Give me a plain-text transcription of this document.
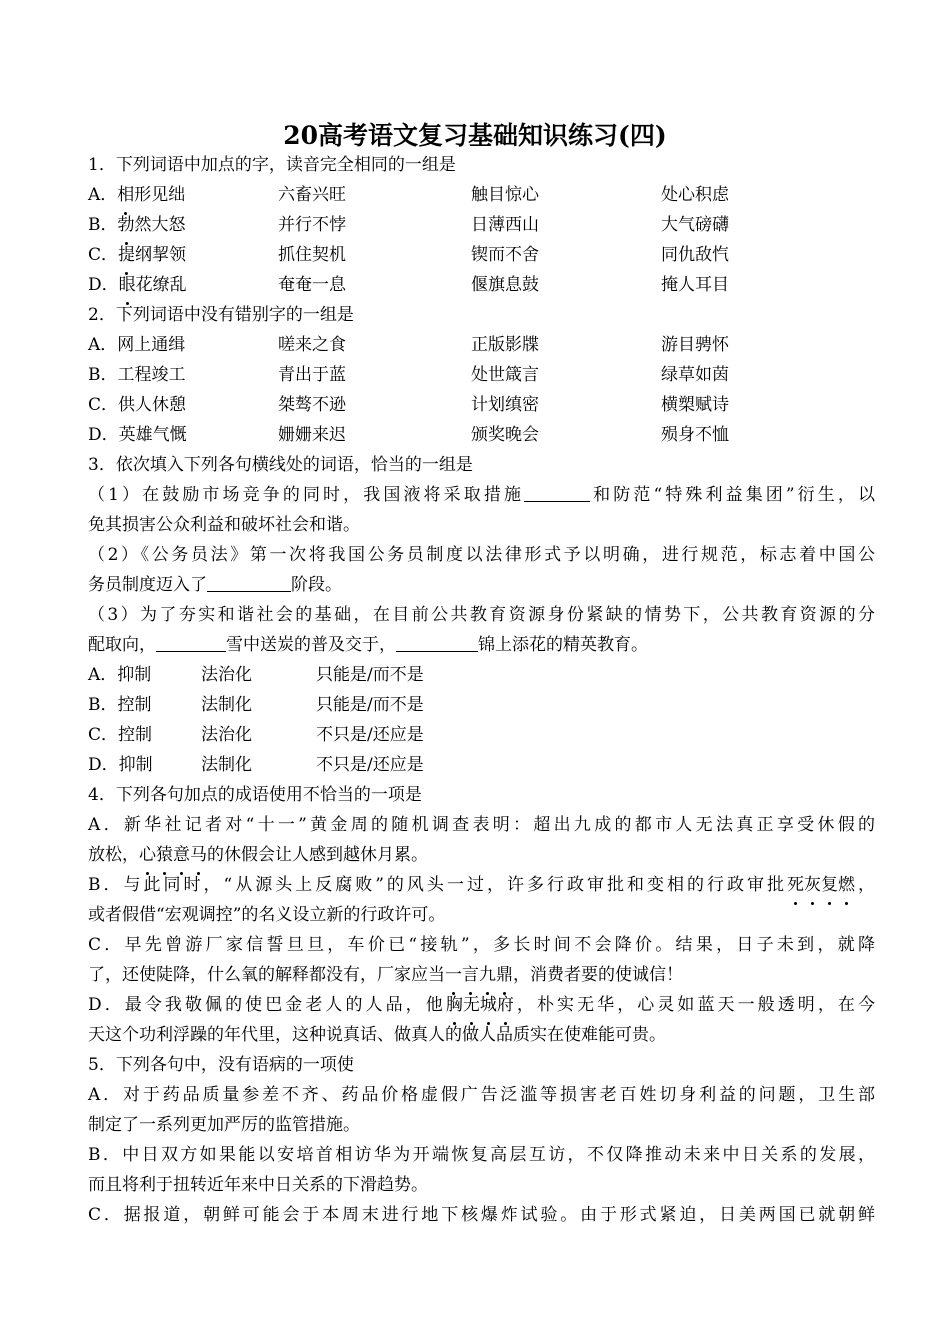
20高考语文复习基础知识练习(四)
1．下列词语中加点的字，读音完全相同的一组是
A．相形见绌	六畜兴旺	触目惊心	处心积虑
B．勃然大怒	并行不悖	日薄西山	大气磅礴
C．提纲挈领	抓住契机	锲而不舍	同仇敌忾
D．眼花缭乱	奄奄一息	偃旗息鼓	掩人耳目
2．下列词语中没有错别字的一组是
A．网上通缉	嗟来之食	正版影牒	游目骋怀
B．工程竣工	青出于蓝	处世箴言	绿草如茵
C．供人休憩	桀骜不逊	计划缜密	横槊赋诗
D．英雄气慨	姗姗来迟	颁奖晚会	殒身不恤
3．依次填入下列各句横线处的词语，恰当的一组是
（1）在鼓励市场竞争的同时，我国液将采取措施	和防范“特殊利益集团”衍生，以
免其损害公众利益和破坏社会和谐。
（2）《公务员法》第一次将我国公务员制度以法律形式予以明确，进行规范，标志着中国公
务员制度迈入了	阶段。
（3）为了夯实和谐社会的基础，在目前公共教育资源身份紧缺的情势下，公共教育资源的分
配取向，	雪中送炭的普及交于，	锦上添花的精英教育。
A．抑制	法治化	只能是/而不是
B．控制	法制化	只能是/而不是
C．控制	法治化	不只是/还应是
D．抑制	法制化	不只是/还应是
4．下列各句加点的成语使用不恰当的一项是
A．新华社记者对“十一”黄金周的随机调查表明：超出九成的都市人无法真正享受休假的
放松，心猿意马的休假会让人感到越休月累。
B．与此同时，“从源头上反腐败”的风头一过，许多行政审批和变相的行政审批死灰复燃，
或者假借“宏观调控”的名义设立新的行政许可。
C．早先曾游厂家信誓旦旦，车价已“接轨”，多长时间不会降价。结果，日子未到，就降
了，还使陡降，什么氧的解释都没有，厂家应当一言九鼎，消费者要的使诚信！
D．最令我敬佩的使巴金老人的人品，他胸无城府，朴实无华，心灵如蓝天一般透明，在今
天这个功利浮躁的年代里，这种说真话、做真人的做人品质实在使难能可贵。
5．下列各句中，没有语病的一项使
A．对于药品质量参差不齐、药品价格虚假广告泛滥等损害老百姓切身利益的问题，卫生部
制定了一系列更加严厉的监管措施。
B．中日双方如果能以安培首相访华为开端恢复高层互访，不仅降推动未来中日关系的发展，
而且将利于扭转近年来中日关系的下滑趋势。
C．据报道，朝鲜可能会于本周末进行地下核爆炸试验。由于形式紧迫，日美两国已就朝鲜
